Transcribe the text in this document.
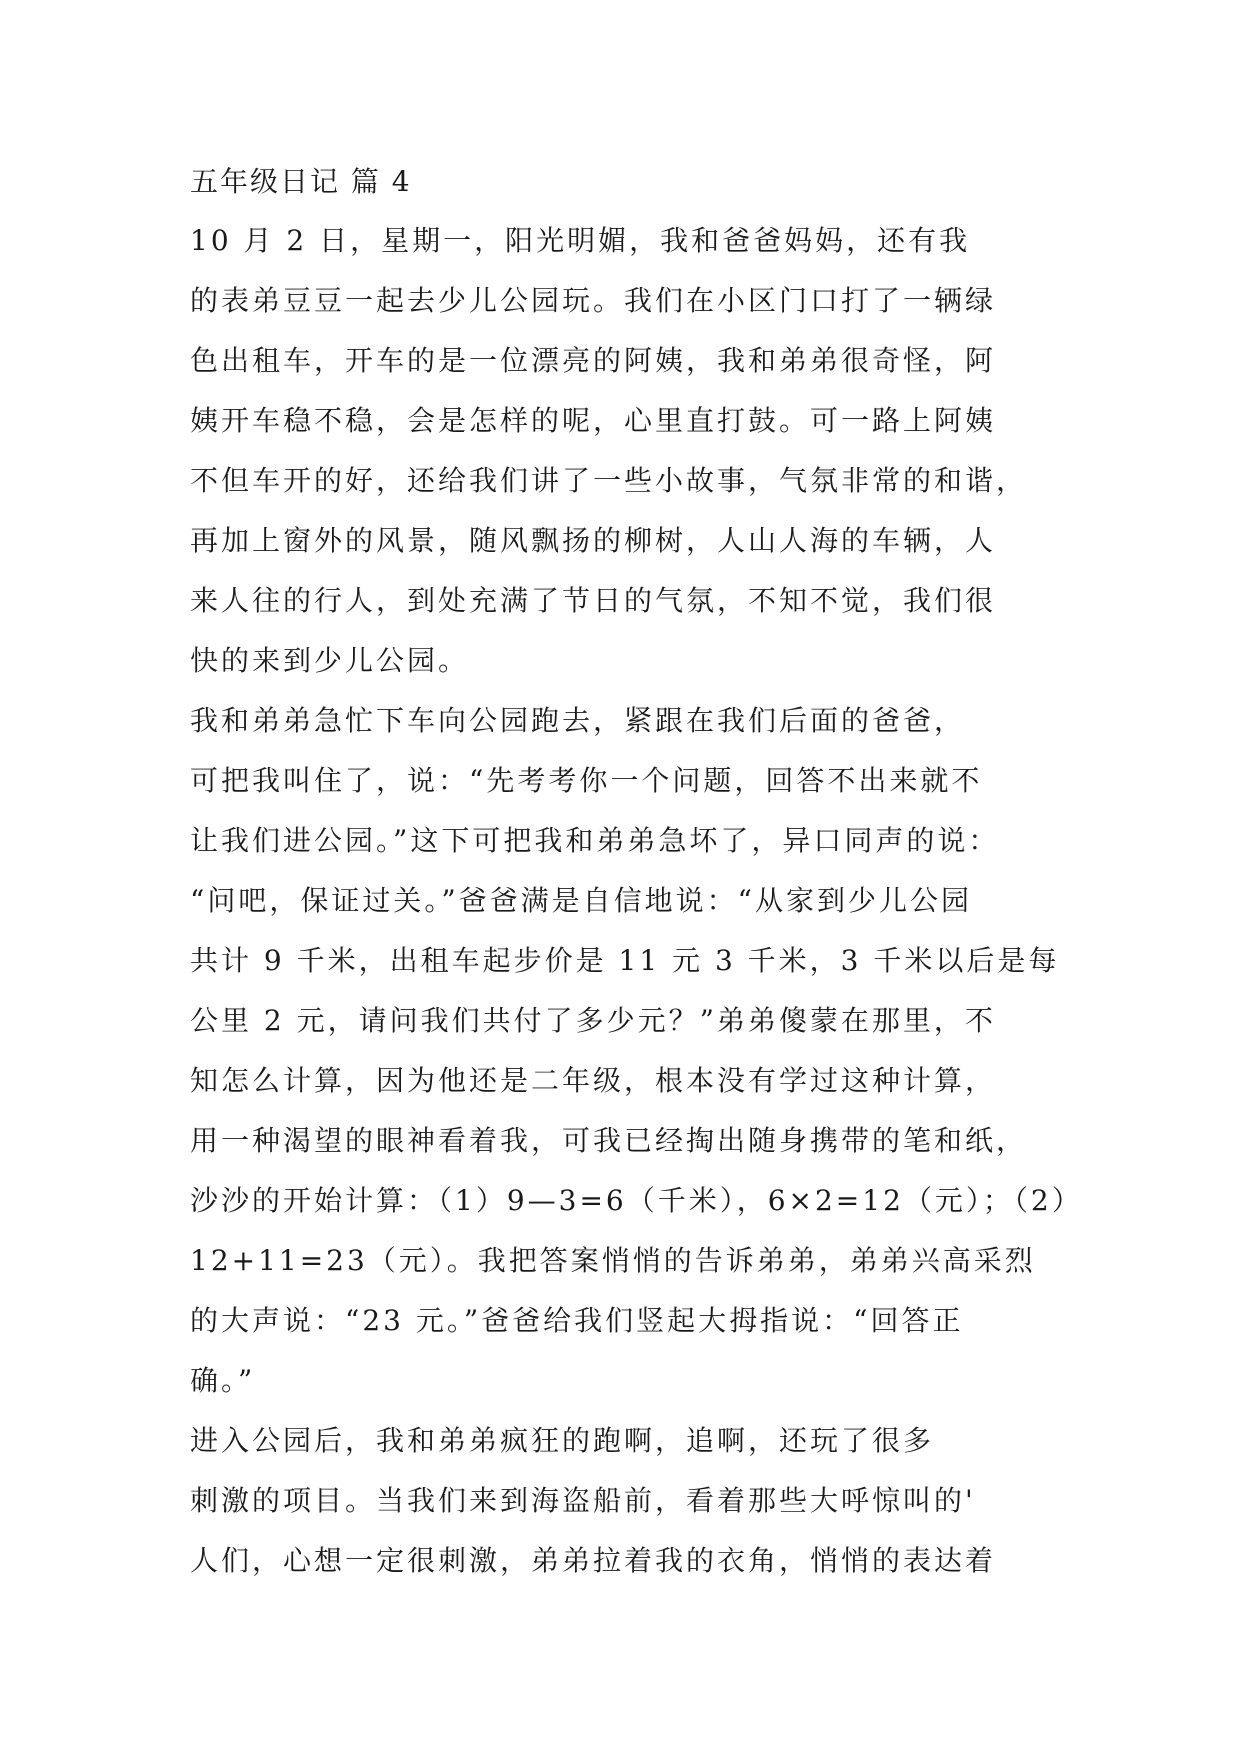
五年级日记 篇 4
10 月 2 日，星期一，阳光明媚，我和爸爸妈妈，还有我
的表弟豆豆一起去少儿公园玩。我们在小区门口打了一辆绿
色出租车，开车的是一位漂亮的阿姨，我和弟弟很奇怪，阿
姨开车稳不稳，会是怎样的呢，心里直打鼓。可一路上阿姨
不但车开的好，还给我们讲了一些小故事，气氛非常的和谐，
再加上窗外的风景，随风飘扬的柳树，人山人海的车辆，人
来人往的行人，到处充满了节日的气氛，不知不觉，我们很
快的来到少儿公园。
我和弟弟急忙下车向公园跑去，紧跟在我们后面的爸爸，
可把我叫住了，说：“先考考你一个问题，回答不出来就不
让我们进公园。”这下可把我和弟弟急坏了，异口同声的说：
“问吧，保证过关。”爸爸满是自信地说：“从家到少儿公园
共计 9 千米，出租车起步价是 11 元 3 千米，3 千米以后是每
公里 2 元，请问我们共付了多少元？”弟弟傻蒙在那里，不
知怎么计算，因为他还是二年级，根本没有学过这种计算，
用一种渴望的眼神看着我，可我已经掏出随身携带的笔和纸，
沙沙的开始计算：（1）9—3=6（千米），6×2=12（元）；（2）
12+11=23（元）。我把答案悄悄的告诉弟弟，弟弟兴高采烈
的大声说：“23 元。”爸爸给我们竖起大拇指说：“回答正
确。”
进入公园后，我和弟弟疯狂的跑啊，追啊，还玩了很多
刺激的项目。当我们来到海盗船前，看着那些大呼惊叫的'
人们，心想一定很刺激，弟弟拉着我的衣角，悄悄的表达着
